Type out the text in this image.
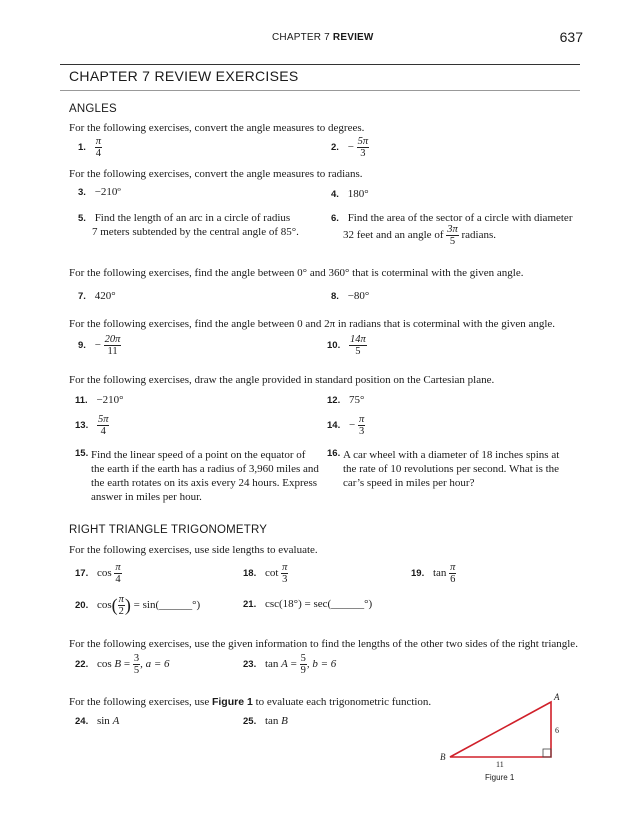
CHAPTER 7 REVIEW	637
CHAPTER 7 REVIEW EXERCISES
ANGLES
For the following exercises, convert the angle measures to degrees.
1. $\frac{\pi}{4}$	2. − $\frac{5\pi}{3}$
For the following exercises, convert the angle measures to radians.
3. −210º	4. 180°
5. Find the length of an arc in a circle of radius
7 meters subtended by the central angle of 85°.
6. Find the area of the sector of a circle with diameter
32 feet and an angle of $\frac{3\pi}{5}$ radians.
For the following exercises, find the angle between 0° and 360° that is coterminal with the given angle.
7. 420°	8. −80°
For the following exercises, find the angle between 0 and 2π in radians that is coterminal with the given angle.
9. − $\frac{20\pi}{11}$	10. $\frac{14\pi}{5}$
For the following exercises, draw the angle provided in standard position on the Cartesian plane.
11. −210°	12. 75°
13. $\frac{5\pi}{4}$	14. − $\frac{\pi}{3}$
15. Find the linear speed of a point on the equator of the earth if the earth has a radius of 3,960 miles and the earth rotates on its axis every 24 hours. Express answer in miles per hour.
16. A car wheel with a diameter of 18 inches spins at the rate of 10 revolutions per second. What is the car’s speed in miles per hour?
RIGHT TRIANGLE TRIGONOMETRY
For the following exercises, use side lengths to evaluate.
17. $\cos \frac{\pi}{4}$	18. $\cot \frac{\pi}{3}$	19. $\tan \frac{\pi}{6}$
20. $\cos( \frac{\pi}{2}$ ) = sin(______°)	21. csc(18°) = sec(______°)
For the following exercises, use the given information to find the lengths of the other two sides of the right triangle.
22. $\cos B = \frac{3}{5}$ , a = 6	23. $\tan A = \frac{5}{9}$ , b = 6
For the following exercises, use Figure 1 to evaluate each trigonometric function.
24. sin A	25. tan B
A
B
6
11
Figure 1
